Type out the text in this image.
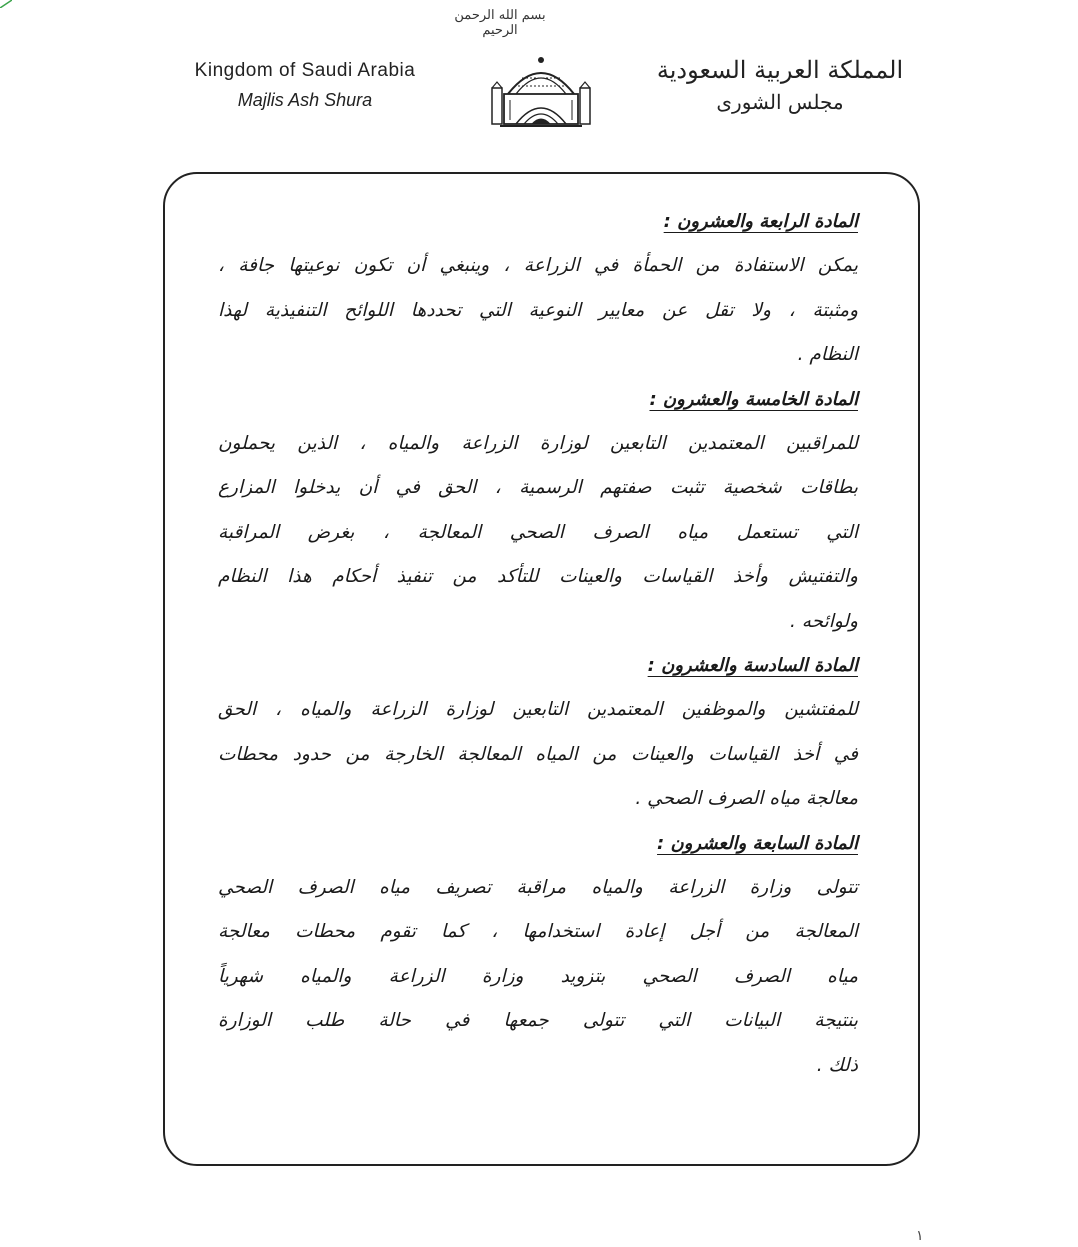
بسم الله الرحمن الرحيم
Kingdom of Saudi Arabia
Majlis Ash Shura
المملكة العربية السعودية
مجلس الشورى

المادة الرابعة والعشرون :

يمكن الاستفادة من الحمأة في الزراعة ، وينبغي أن تكون نوعيتها جافة ،

ومثبتة ، ولا تقل عن معايير النوعية التي تحددها اللوائح التنفيذية لهذا

النظام .

المادة الخامسة والعشرون :

للمراقبين المعتمدين التابعين لوزارة الزراعة والمياه ، الذين يحملون

بطاقات شخصية تثبت صفتهم الرسمية ، الحق في أن يدخلوا المزارع

التي تستعمل مياه الصرف الصحي المعالجة ، بغرض المراقبة

والتفتيش وأخذ القياسات والعينات للتأكد من تنفيذ أحكام هذا النظام

ولوائحه .

المادة السادسة والعشرون :

للمفتشين والموظفين المعتمدين التابعين لوزارة الزراعة والمياه ، الحق

في أخذ القياسات والعينات من المياه المعالجة الخارجة من حدود محطات

معالجة مياه الصرف الصحي .

المادة السابعة والعشرون :

تتولى وزارة الزراعة والمياه مراقبة تصريف مياه الصرف الصحي

المعالجة من أجل إعادة استخدامها ، كما تقوم محطات معالجة

مياه الصرف الصحي بتزويد وزارة الزراعة والمياه شهرياً

بنتيجة البيانات التي تتولى جمعها في حالة طلب الوزارة

ذلك .

١
